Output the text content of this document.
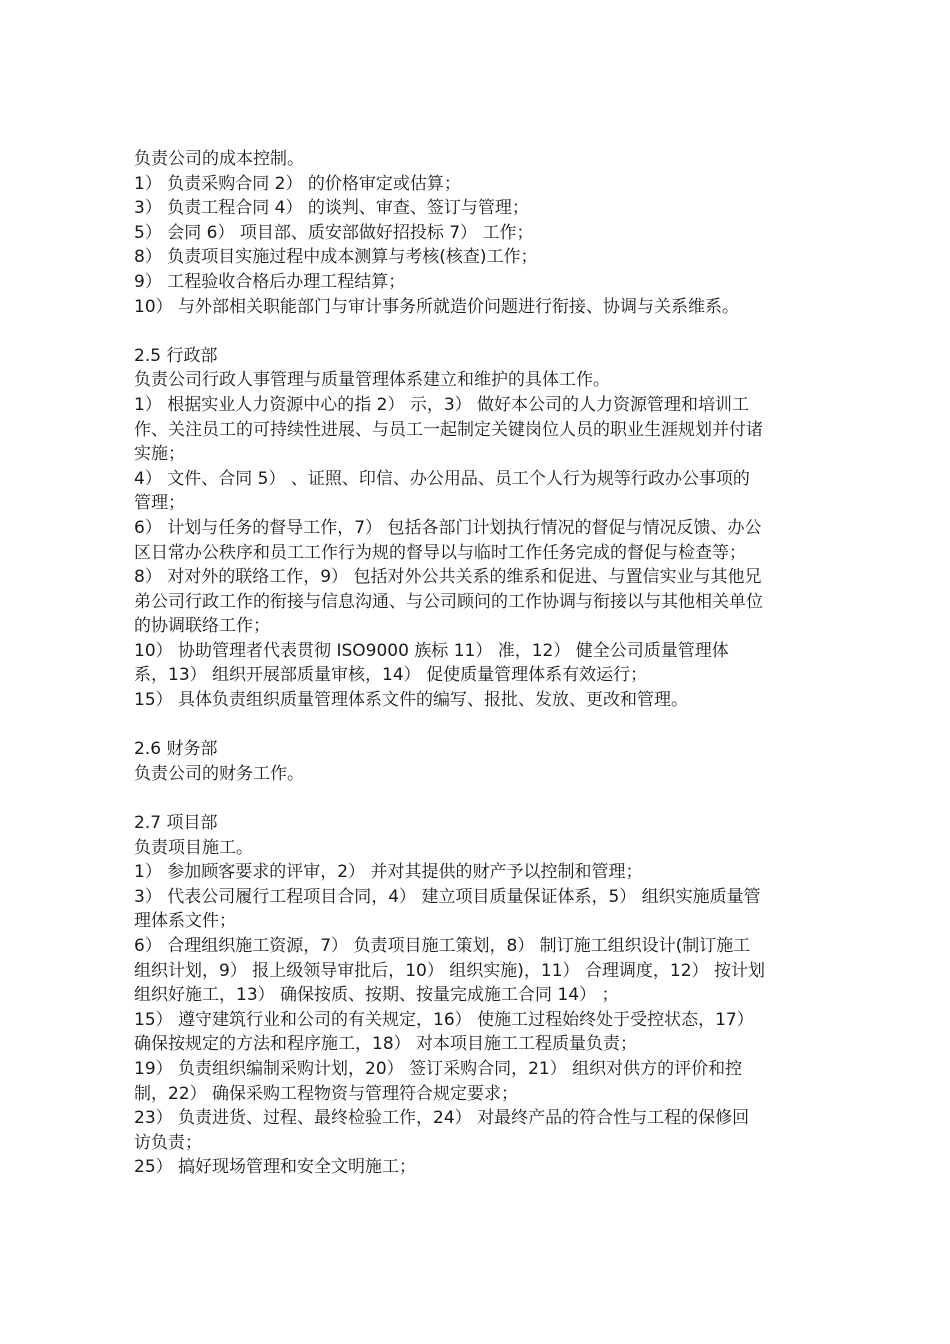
负责公司的成本控制。
1） 负责采购合同 2） 的价格审定或估算；
3） 负责工程合同 4） 的谈判、审查、签订与管理；
5） 会同 6） 项目部、质安部做好招投标 7） 工作；
8） 负责项目实施过程中成本测算与考核(核查)工作；
9） 工程验收合格后办理工程结算；
10） 与外部相关职能部门与审计事务所就造价问题进行衔接、协调与关系维系。
2.5 行政部
负责公司行政人事管理与质量管理体系建立和维护的具体工作。
1） 根据实业人力资源中心的指 2） 示，3） 做好本公司的人力资源管理和培训工
作、关注员工的可持续性进展、与员工一起制定关键岗位人员的职业生涯规划并付诸
实施；
4） 文件、合同 5） 、证照、印信、办公用品、员工个人行为规等行政办公事项的
管理；
6） 计划与任务的督导工作，7） 包括各部门计划执行情况的督促与情况反馈、办公
区日常办公秩序和员工工作行为规的督导以与临时工作任务完成的督促与检查等；
8） 对对外的联络工作，9） 包括对外公共关系的维系和促进、与置信实业与其他兄
弟公司行政工作的衔接与信息沟通、与公司顾问的工作协调与衔接以与其他相关单位
的协调联络工作；
10） 协助管理者代表贯彻 ISO9000 族标 11） 准，12） 健全公司质量管理体
系，13） 组织开展部质量审核，14） 促使质量管理体系有效运行；
15） 具体负责组织质量管理体系文件的编写、报批、发放、更改和管理。
2.6 财务部
负责公司的财务工作。
2.7 项目部
负责项目施工。
1） 参加顾客要求的评审，2） 并对其提供的财产予以控制和管理；
3） 代表公司履行工程项目合同，4） 建立项目质量保证体系，5） 组织实施质量管
理体系文件；
6） 合理组织施工资源，7） 负责项目施工策划，8） 制订施工组织设计(制订施工
组织计划，9） 报上级领导审批后，10） 组织实施)，11） 合理调度，12） 按计划
组织好施工，13） 确保按质、按期、按量完成施工合同 14） ；
15） 遵守建筑行业和公司的有关规定，16） 使施工过程始终处于受控状态，17）
确保按规定的方法和程序施工，18） 对本项目施工工程质量负责；
19） 负责组织编制采购计划，20） 签订采购合同，21） 组织对供方的评价和控
制，22） 确保采购工程物资与管理符合规定要求；
23） 负责进货、过程、最终检验工作，24） 对最终产品的符合性与工程的保修回
访负责；
25） 搞好现场管理和安全文明施工；
